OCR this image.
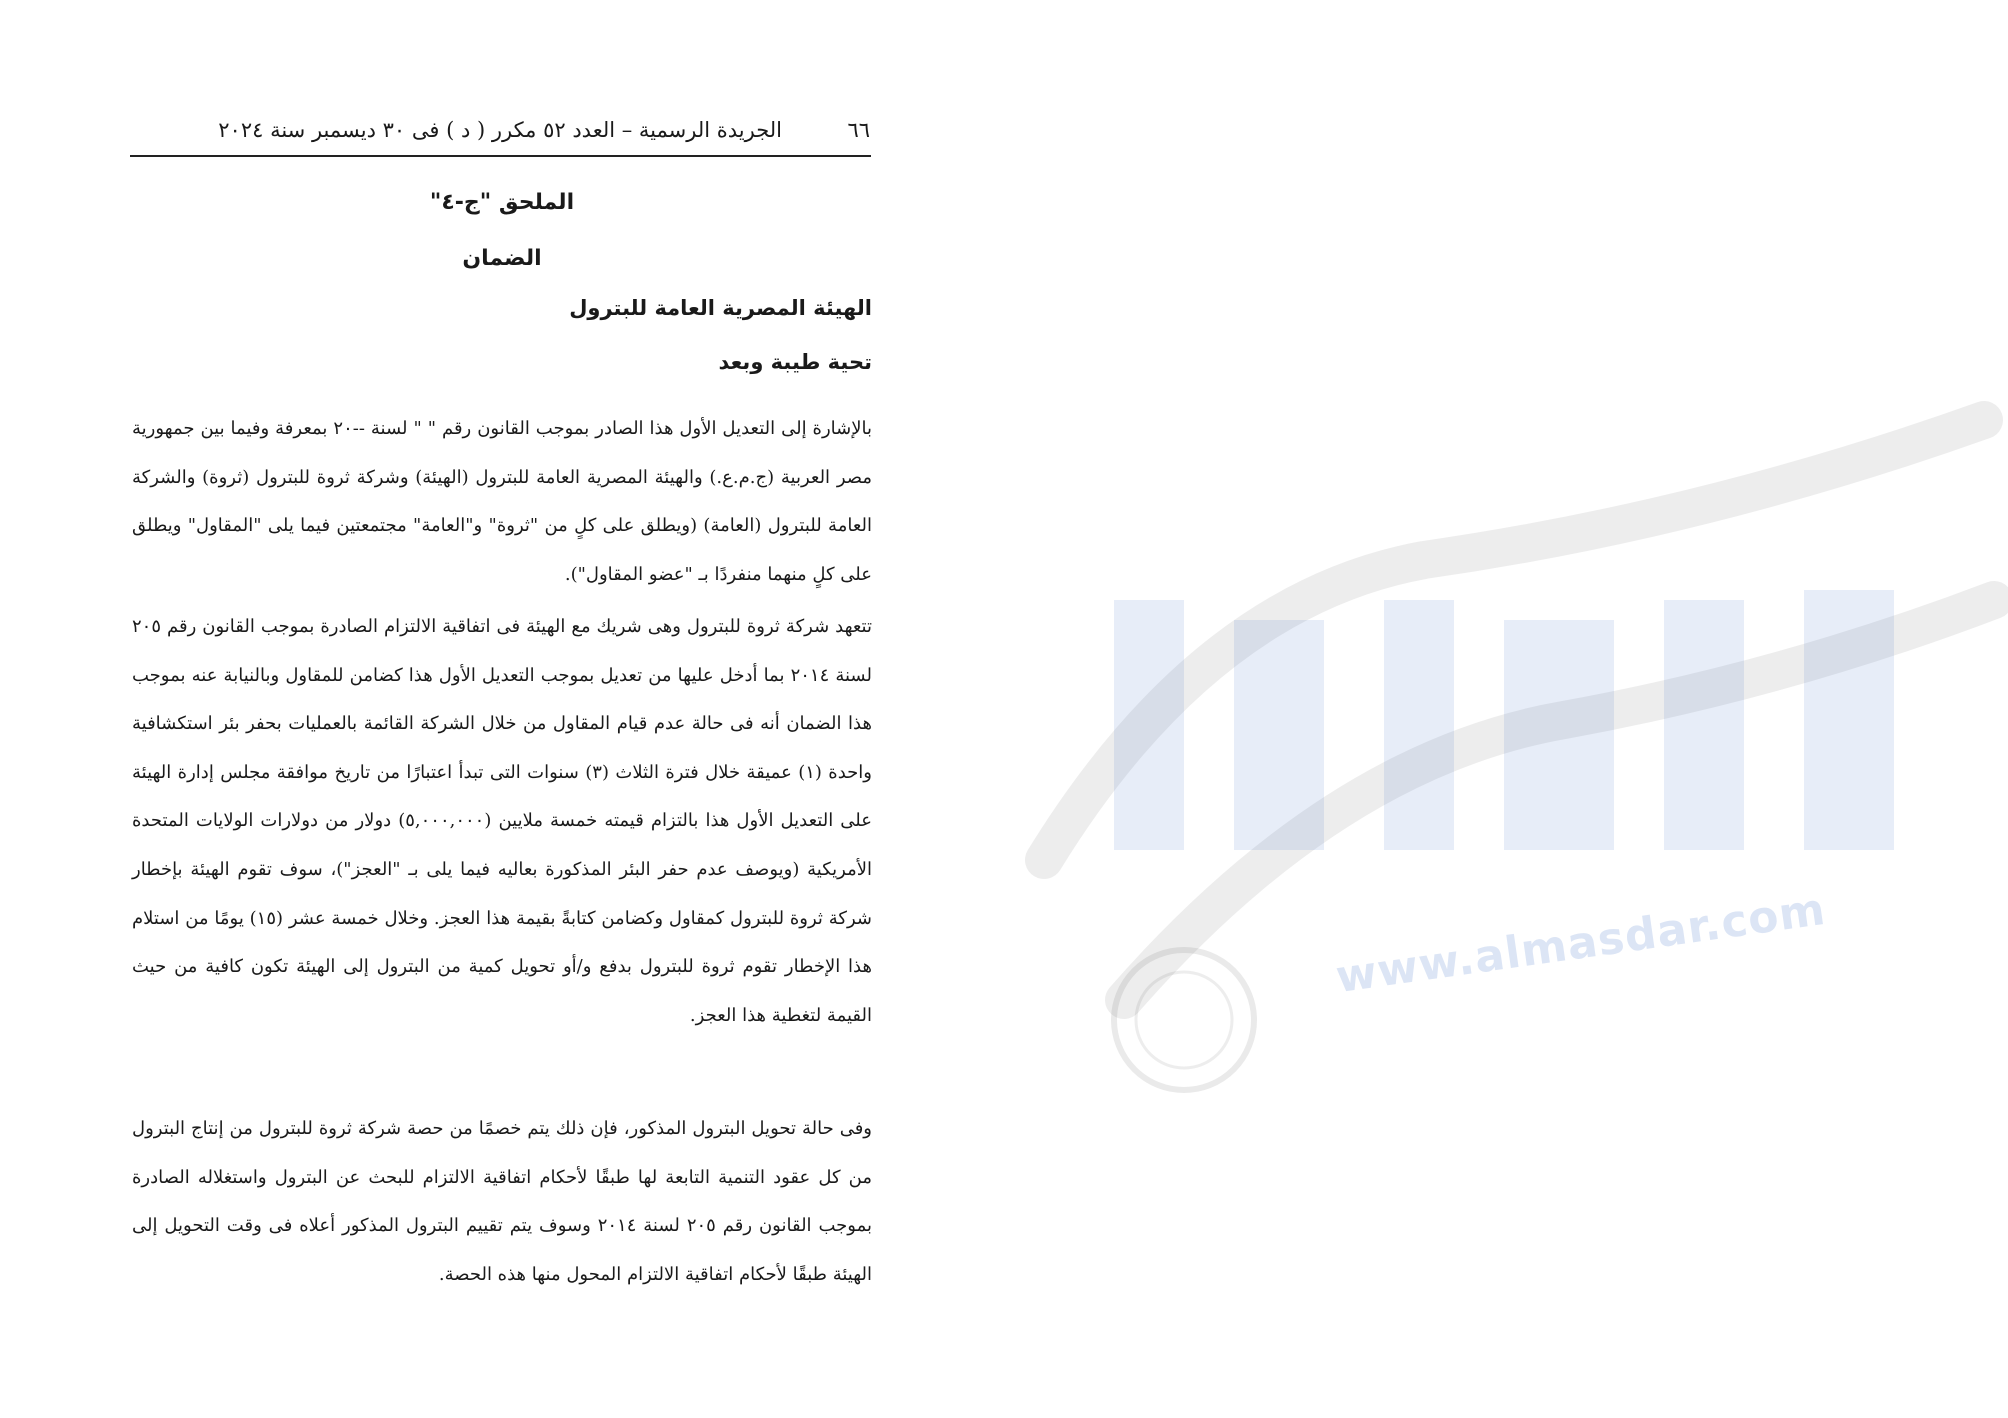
www.almasdar.com
٦٦
الجريدة الرسمية – العدد ٥٢ مكرر ( د ) فى ٣٠ ديسمبر سنة ٢٠٢٤
الملحق "ج-٤"
الضمان
الهيئة المصرية العامة للبترول
تحية طيبة وبعد

بالإشارة إلى التعديل الأول هذا الصادر بموجب القانون رقم " " لسنة --٢٠ بمعرفة وفيما بين جمهورية مصر العربية (ج.م.ع.) والهيئة المصرية العامة للبترول (الهيئة) وشركة ثروة للبترول (ثروة) والشركة العامة للبترول (العامة) (ويطلق على كلٍ من "ثروة" و"العامة" مجتمعتين فيما يلى "المقاول" ويطلق على كلٍ منهما منفردًا بـ "عضو المقاول").

تتعهد شركة ثروة للبترول وهى شريك مع الهيئة فى اتفاقية الالتزام الصادرة بموجب القانون رقم ٢٠٥ لسنة ٢٠١٤ بما أدخل عليها من تعديل بموجب التعديل الأول هذا كضامن للمقاول وبالنيابة عنه بموجب هذا الضمان أنه فى حالة عدم قيام المقاول من خلال الشركة القائمة بالعمليات بحفر بئر استكشافية واحدة (١) عميقة خلال فترة الثلاث (٣) سنوات التى تبدأ اعتبارًا من تاريخ موافقة مجلس إدارة الهيئة على التعديل الأول هذا بالتزام قيمته خمسة ملايين (٥,٠٠٠,٠٠٠) دولار من دولارات الولايات المتحدة الأمريكية (ويوصف عدم حفر البئر المذكورة بعاليه فيما يلى بـ "العجز")، سوف تقوم الهيئة بإخطار شركة ثروة للبترول كمقاول وكضامن كتابةً بقيمة هذا العجز. وخلال خمسة عشر (١٥) يومًا من استلام هذا الإخطار تقوم ثروة للبترول بدفع و/أو تحويل كمية من البترول إلى الهيئة تكون كافية من حيث القيمة لتغطية هذا العجز.

وفى حالة تحويل البترول المذكور، فإن ذلك يتم خصمًا من حصة شركة ثروة للبترول من إنتاج البترول من كل عقود التنمية التابعة لها طبقًا لأحكام اتفاقية الالتزام للبحث عن البترول واستغلاله الصادرة بموجب القانون رقم ٢٠٥ لسنة ٢٠١٤ وسوف يتم تقييم البترول المذكور أعلاه فى وقت التحويل إلى الهيئة طبقًا لأحكام اتفاقية الالتزام المحول منها هذه الحصة.
